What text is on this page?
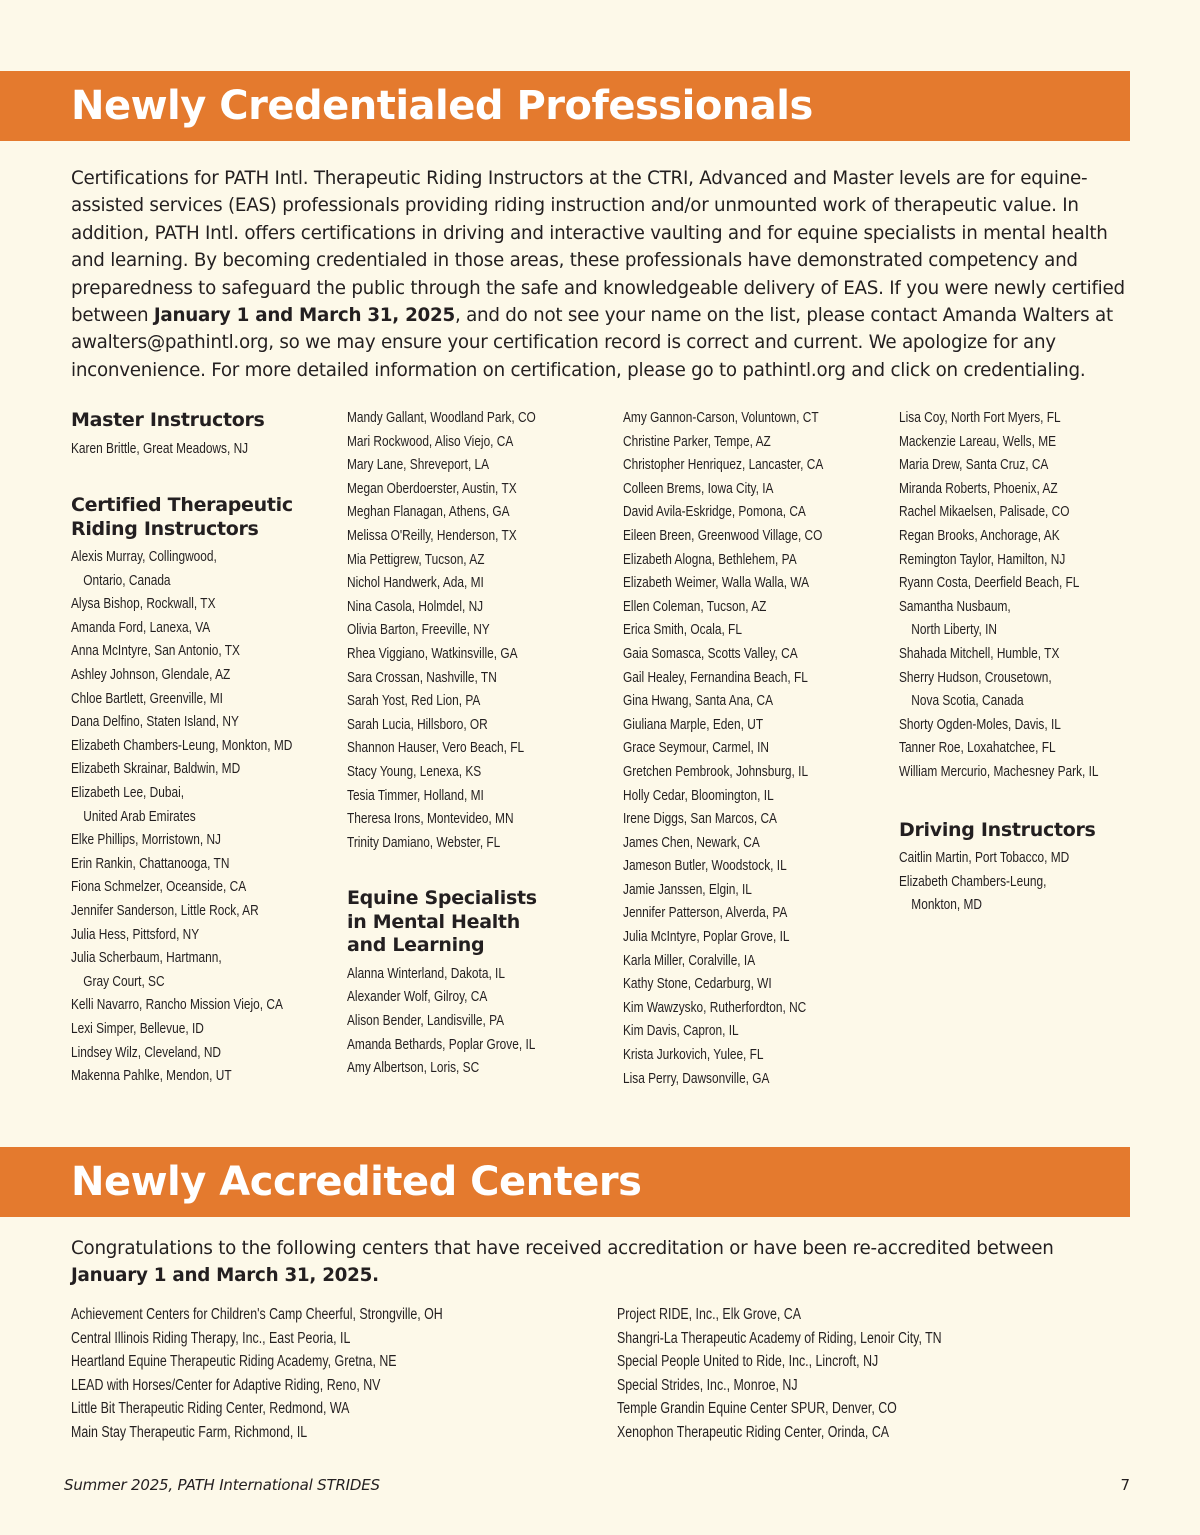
Newly Credentialed Professionals

Certifications for PATH Intl. Therapeutic Riding Instructors at the CTRI, Advanced and Master levels are for equine-assisted services (EAS) professionals providing riding instruction and/or unmounted work of therapeutic value. In addition, PATH Intl. offers certifications in driving and interactive vaulting and for equine specialists in mental health and learning. By becoming credentialed in those areas, these professionals have demonstrated competency and preparedness to safeguard the public through the safe and knowledgeable delivery of EAS. If you were newly certified between January 1 and March 31, 2025, and do not see your name on the list, please contact Amanda Walters at awalters@pathintl.org, so we may ensure your certification record is correct and current. We apologize for any inconvenience. For more detailed information on certification, please go to pathintl.org and click on credentialing.

Master Instructors
Karen Brittle, Great Meadows, NJ
Certified Therapeutic
Riding Instructors
Alexis Murray, Collingwood,
Ontario, Canada
Alysa Bishop, Rockwall, TX
Amanda Ford, Lanexa, VA
Anna McIntyre, San Antonio, TX
Ashley Johnson, Glendale, AZ
Chloe Bartlett, Greenville, MI
Dana Delfino, Staten Island, NY
Elizabeth Chambers-Leung, Monkton, MD
Elizabeth Skrainar, Baldwin, MD
Elizabeth Lee, Dubai,
United Arab Emirates
Elke Phillips, Morristown, NJ
Erin Rankin, Chattanooga, TN
Fiona Schmelzer, Oceanside, CA
Jennifer Sanderson, Little Rock, AR
Julia Hess, Pittsford, NY
Julia Scherbaum, Hartmann,
Gray Court, SC
Kelli Navarro, Rancho Mission Viejo, CA
Lexi Simper, Bellevue, ID
Lindsey Wilz, Cleveland, ND
Makenna Pahlke, Mendon, UT
Mandy Gallant, Woodland Park, CO
Mari Rockwood, Aliso Viejo, CA
Mary Lane, Shreveport, LA
Megan Oberdoerster, Austin, TX
Meghan Flanagan, Athens, GA
Melissa O'Reilly, Henderson, TX
Mia Pettigrew, Tucson, AZ
Nichol Handwerk, Ada, MI
Nina Casola, Holmdel, NJ
Olivia Barton, Freeville, NY
Rhea Viggiano, Watkinsville, GA
Sara Crossan, Nashville, TN
Sarah Yost, Red Lion, PA
Sarah Lucia, Hillsboro, OR
Shannon Hauser, Vero Beach, FL
Stacy Young, Lenexa, KS
Tesia Timmer, Holland, MI
Theresa Irons, Montevideo, MN
Trinity Damiano, Webster, FL
Equine Specialists
in Mental Health
and Learning
Alanna Winterland, Dakota, IL
Alexander Wolf, Gilroy, CA
Alison Bender, Landisville, PA
Amanda Bethards, Poplar Grove, IL
Amy Albertson, Loris, SC
Amy Gannon-Carson, Voluntown, CT
Christine Parker, Tempe, AZ
Christopher Henriquez, Lancaster, CA
Colleen Brems, Iowa City, IA
David Avila-Eskridge, Pomona, CA
Eileen Breen, Greenwood Village, CO
Elizabeth Alogna, Bethlehem, PA
Elizabeth Weimer, Walla Walla, WA
Ellen Coleman, Tucson, AZ
Erica Smith, Ocala, FL
Gaia Somasca, Scotts Valley, CA
Gail Healey, Fernandina Beach, FL
Gina Hwang, Santa Ana, CA
Giuliana Marple, Eden, UT
Grace Seymour, Carmel, IN
Gretchen Pembrook, Johnsburg, IL
Holly Cedar, Bloomington, IL
Irene Diggs, San Marcos, CA
James Chen, Newark, CA
Jameson Butler, Woodstock, IL
Jamie Janssen, Elgin, IL
Jennifer Patterson, Alverda, PA
Julia McIntyre, Poplar Grove, IL
Karla Miller, Coralville, IA
Kathy Stone, Cedarburg, WI
Kim Wawzysko, Rutherfordton, NC
Kim Davis, Capron, IL
Krista Jurkovich, Yulee, FL
Lisa Perry, Dawsonville, GA
Lisa Coy, North Fort Myers, FL
Mackenzie Lareau, Wells, ME
Maria Drew, Santa Cruz, CA
Miranda Roberts, Phoenix, AZ
Rachel Mikaelsen, Palisade, CO
Regan Brooks, Anchorage, AK
Remington Taylor, Hamilton, NJ
Ryann Costa, Deerfield Beach, FL
Samantha Nusbaum,
North Liberty, IN
Shahada Mitchell, Humble, TX
Sherry Hudson, Crousetown,
Nova Scotia, Canada
Shorty Ogden-Moles, Davis, IL
Tanner Roe, Loxahatchee, FL
William Mercurio, Machesney Park, IL
Driving Instructors
Caitlin Martin, Port Tobacco, MD
Elizabeth Chambers-Leung,
Monkton, MD
Newly Accredited Centers

Congratulations to the following centers that have received accreditation or have been re-accredited between
January 1 and March 31, 2025.

Achievement Centers for Children's Camp Cheerful, Strongville, OH
Central Illinois Riding Therapy, Inc., East Peoria, IL
Heartland Equine Therapeutic Riding Academy, Gretna, NE
LEAD with Horses/Center for Adaptive Riding, Reno, NV
Little Bit Therapeutic Riding Center, Redmond, WA
Main Stay Therapeutic Farm, Richmond, IL
Project RIDE, Inc., Elk Grove, CA
Shangri-La Therapeutic Academy of Riding, Lenoir City, TN
Special People United to Ride, Inc., Lincroft, NJ
Special Strides, Inc., Monroe, NJ
Temple Grandin Equine Center SPUR, Denver, CO
Xenophon Therapeutic Riding Center, Orinda, CA
Summer 2025, PATH International STRIDES	7
